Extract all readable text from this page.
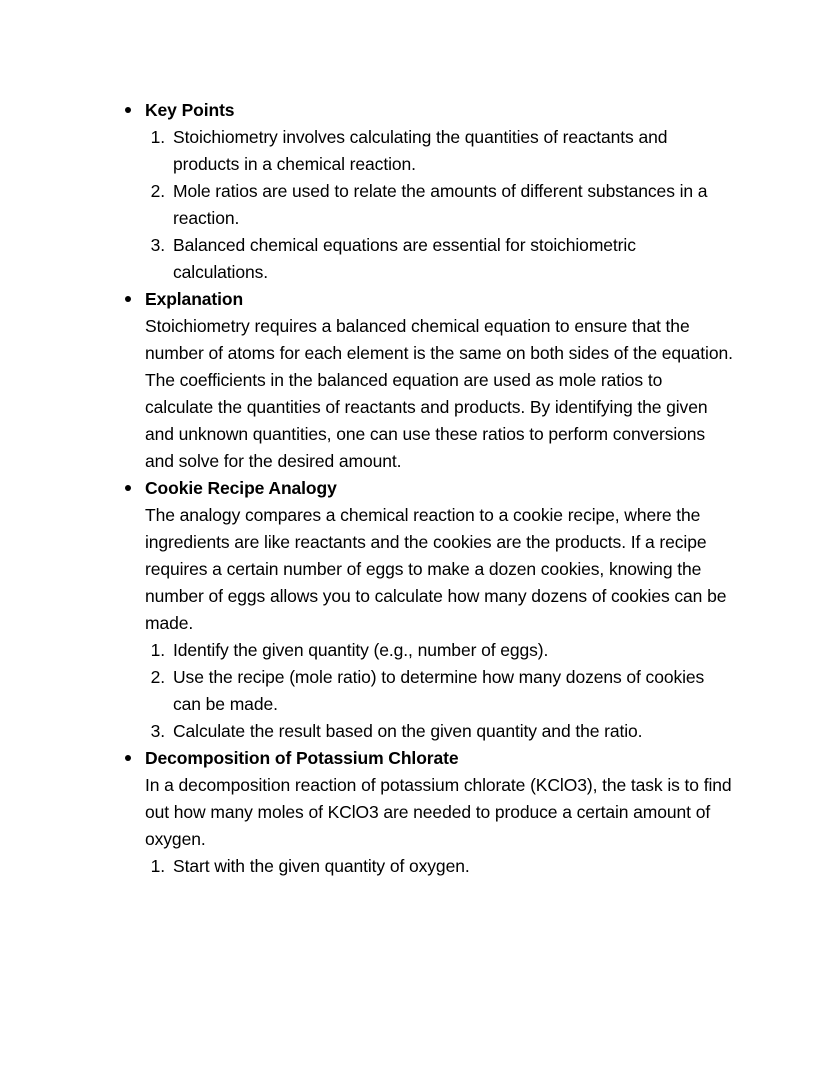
Key Points
1. Stoichiometry involves calculating the quantities of reactants and products in a chemical reaction.
2. Mole ratios are used to relate the amounts of different substances in a reaction.
3. Balanced chemical equations are essential for stoichiometric calculations.
Explanation
Stoichiometry requires a balanced chemical equation to ensure that the number of atoms for each element is the same on both sides of the equation. The coefficients in the balanced equation are used as mole ratios to calculate the quantities of reactants and products. By identifying the given and unknown quantities, one can use these ratios to perform conversions and solve for the desired amount.
Cookie Recipe Analogy
The analogy compares a chemical reaction to a cookie recipe, where the ingredients are like reactants and the cookies are the products. If a recipe requires a certain number of eggs to make a dozen cookies, knowing the number of eggs allows you to calculate how many dozens of cookies can be made.
1. Identify the given quantity (e.g., number of eggs).
2. Use the recipe (mole ratio) to determine how many dozens of cookies can be made.
3. Calculate the result based on the given quantity and the ratio.
Decomposition of Potassium Chlorate
In a decomposition reaction of potassium chlorate (KClO3), the task is to find out how many moles of KClO3 are needed to produce a certain amount of oxygen.
1. Start with the given quantity of oxygen.
